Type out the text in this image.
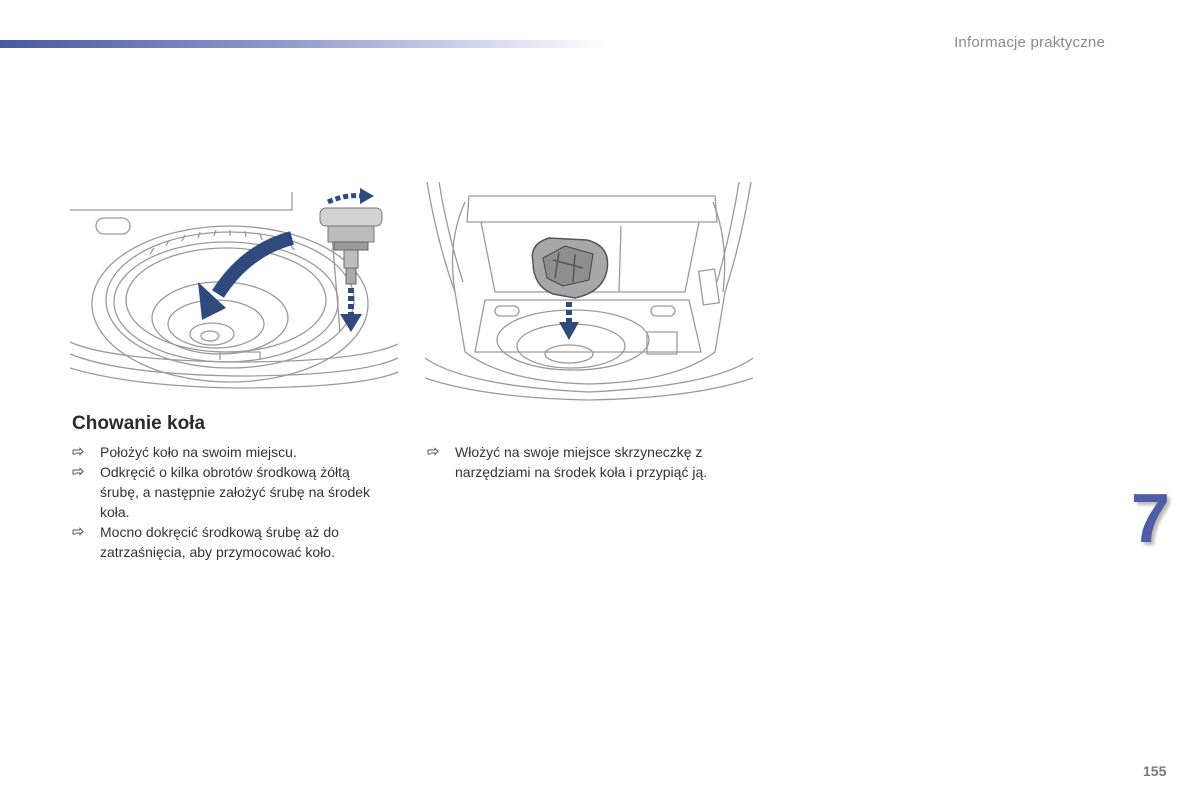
Informacje praktyczne
Chowanie koła
Położyć koło na swoim miejscu.
Odkręcić o kilka obrotów środkową żółtą śrubę, a następnie założyć śrubę na środek koła.
Mocno dokręcić środkową śrubę aż do zatrzaśnięcia, aby przymocować koło.
Włożyć na swoje miejsce skrzyneczkę z narzędziami na środek koła i przypiąć ją.
7
155
